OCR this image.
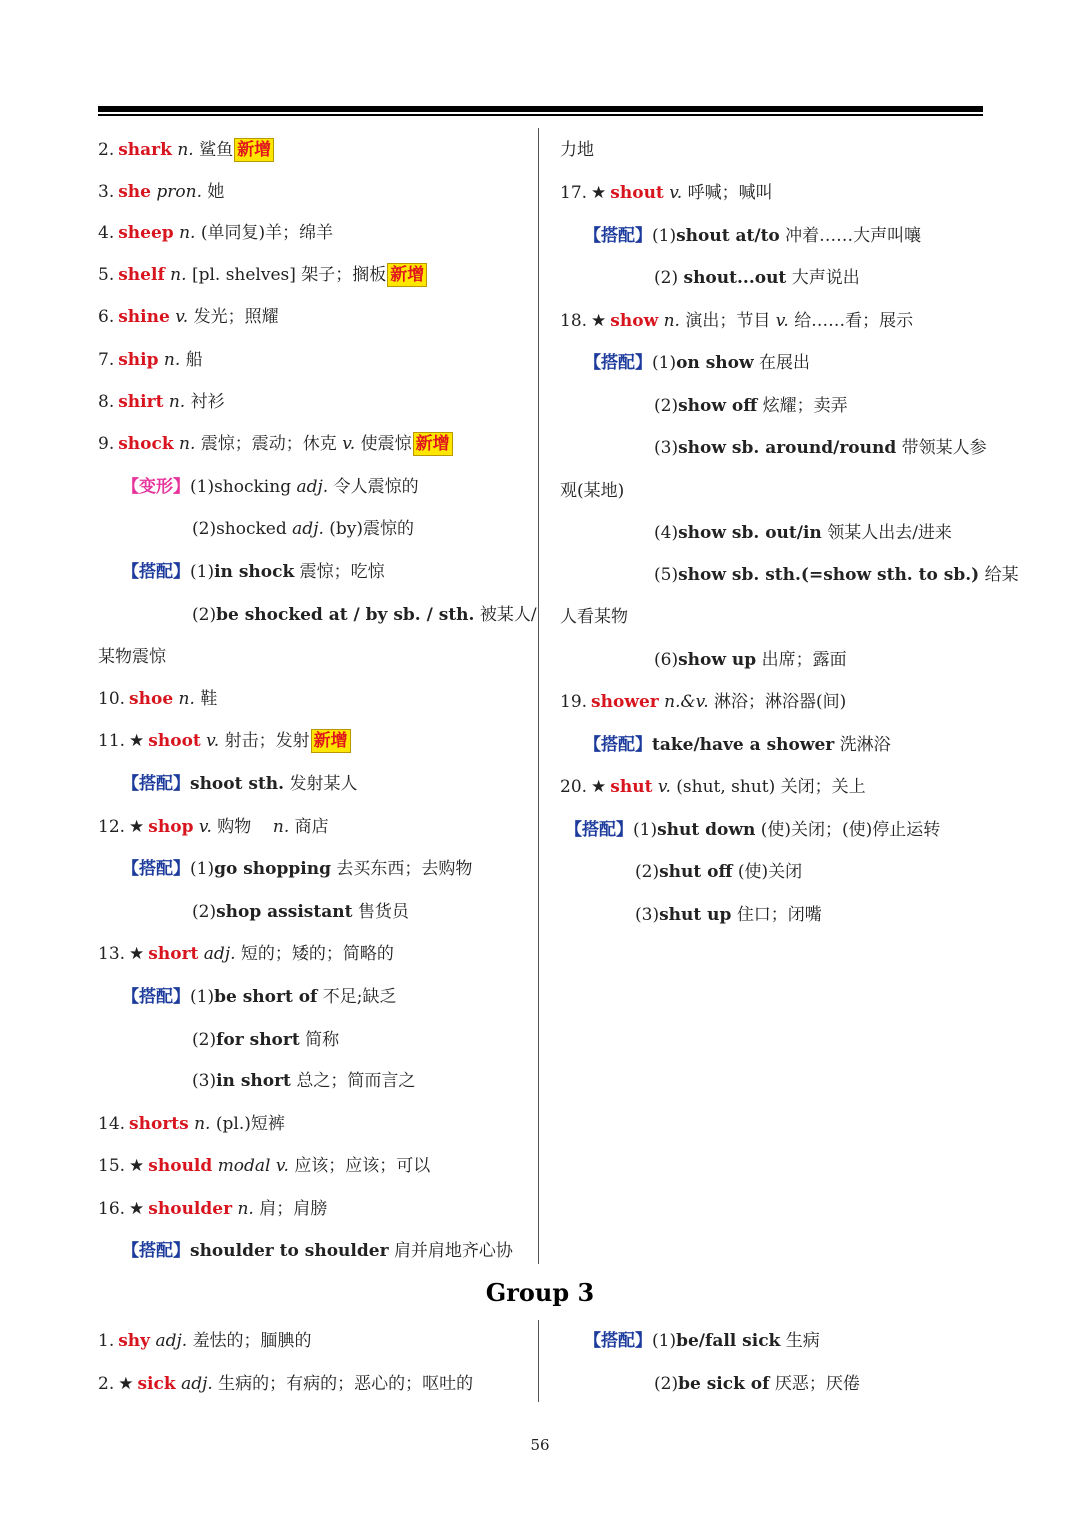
2. shark n. 鲨鱼 新增
3. she pron. 她
4. sheep n. (单同复)羊；绵羊
5. shelf n. [pl. shelves] 架子；搁板 新增
6. shine v. 发光；照耀
7. ship n. 船
8. shirt n. 衬衫
9. shock n. 震惊；震动；休克 v. 使震惊 新增
【变形】(1)shocking adj. 令人震惊的
(2)shocked adj. (by)震惊的
【搭配】(1)in shock 震惊；吃惊
(2)be shocked at / by sb. / sth. 被某人/
某物震惊
10. shoe n. 鞋
11. ★ shoot v. 射击；发射 新增
【搭配】shoot sth. 发射某人
12. ★ shop v. 购物 n. 商店
【搭配】(1)go shopping 去买东西；去购物
(2)shop assistant 售货员
13. ★ short adj. 短的；矮的；简略的
【搭配】(1)be short of 不足;缺乏
(2)for short 简称
(3)in short 总之；简而言之
14. shorts n. (pl.)短裤
15. ★ should modal v. 应该；应该；可以
16. ★ shoulder n. 肩；肩膀
【搭配】shoulder to shoulder 肩并肩地齐心协
力地
17. ★ shout v. 呼喊；喊叫
【搭配】(1)shout at/to 冲着……大声叫嚷
(2) shout...out 大声说出
18. ★ show n. 演出；节目 v. 给……看；展示
【搭配】(1)on show 在展出
(2)show off 炫耀；卖弄
(3)show sb. around/round 带领某人参
观(某地)
(4)show sb. out/in 领某人出去/进来
(5)show sb. sth.(=show sth. to sb.) 给某
人看某物
(6)show up 出席；露面
19. shower n.&v. 淋浴；淋浴器(间)
【搭配】take/have a shower 洗淋浴
20. ★ shut v. (shut, shut) 关闭；关上
【搭配】(1)shut down (使)关闭；(使)停止运转
(2)shut off (使)关闭
(3)shut up 住口；闭嘴
Group 3
1. shy adj. 羞怯的；腼腆的
2. ★ sick adj. 生病的；有病的；恶心的；呕吐的
【搭配】(1)be/fall sick 生病
(2)be sick of 厌恶；厌倦
56
